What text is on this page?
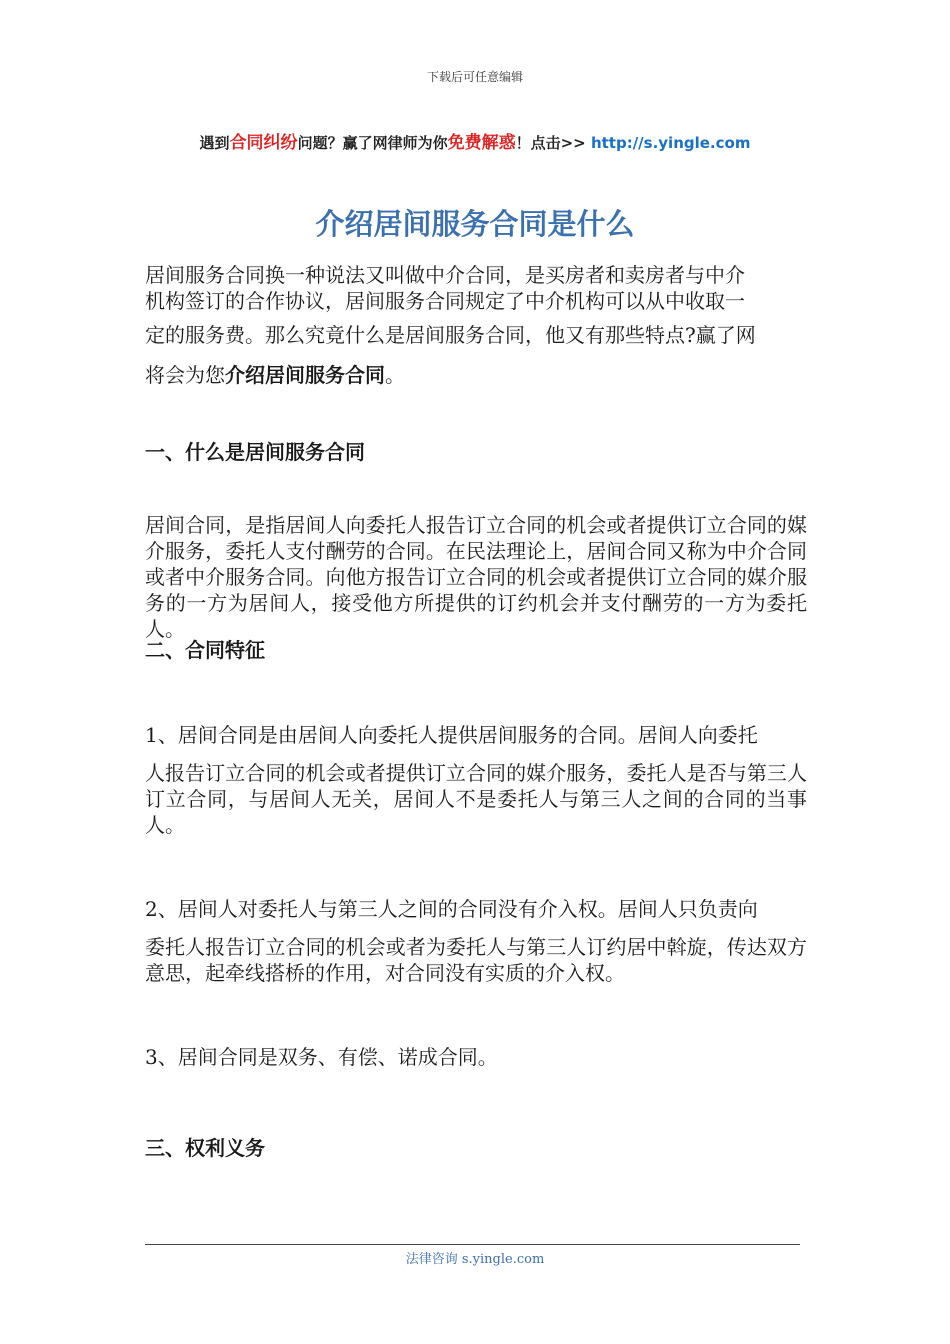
下载后可任意编辑
遇到合同纠纷问题？赢了网律师为你免费解惑！点击>> http://s.yingle.com
介绍居间服务合同是什么
居间服务合同换一种说法又叫做中介合同，是买房者和卖房者与中介
机构签订的合作协议，居间服务合同规定了中介机构可以从中收取一
定的服务费。那么究竟什么是居间服务合同，他又有那些特点?赢了网
将会为您介绍居间服务合同。
一、什么是居间服务合同
居间合同，是指居间人向委托人报告订立合同的机会或者提供订立合同的媒介服务，委托人支付酬劳的合同。在民法理论上，居间合同又称为中介合同或者中介服务合同。向他方报告订立合同的机会或者提供订立合同的媒介服务的一方为居间人，接受他方所提供的订约机会并支付酬劳的一方为委托人。
二、合同特征
1、居间合同是由居间人向委托人提供居间服务的合同。居间人向委托
人报告订立合同的机会或者提供订立合同的媒介服务，委托人是否与第三人订立合同，与居间人无关，居间人不是委托人与第三人之间的合同的当事人。
2、居间人对委托人与第三人之间的合同没有介入权。居间人只负责向
委托人报告订立合同的机会或者为委托人与第三人订约居中斡旋，传达双方意思，起牵线搭桥的作用，对合同没有实质的介入权。
3、居间合同是双务、有偿、诺成合同。
三、权利义务
法律咨询 s.yingle.com
